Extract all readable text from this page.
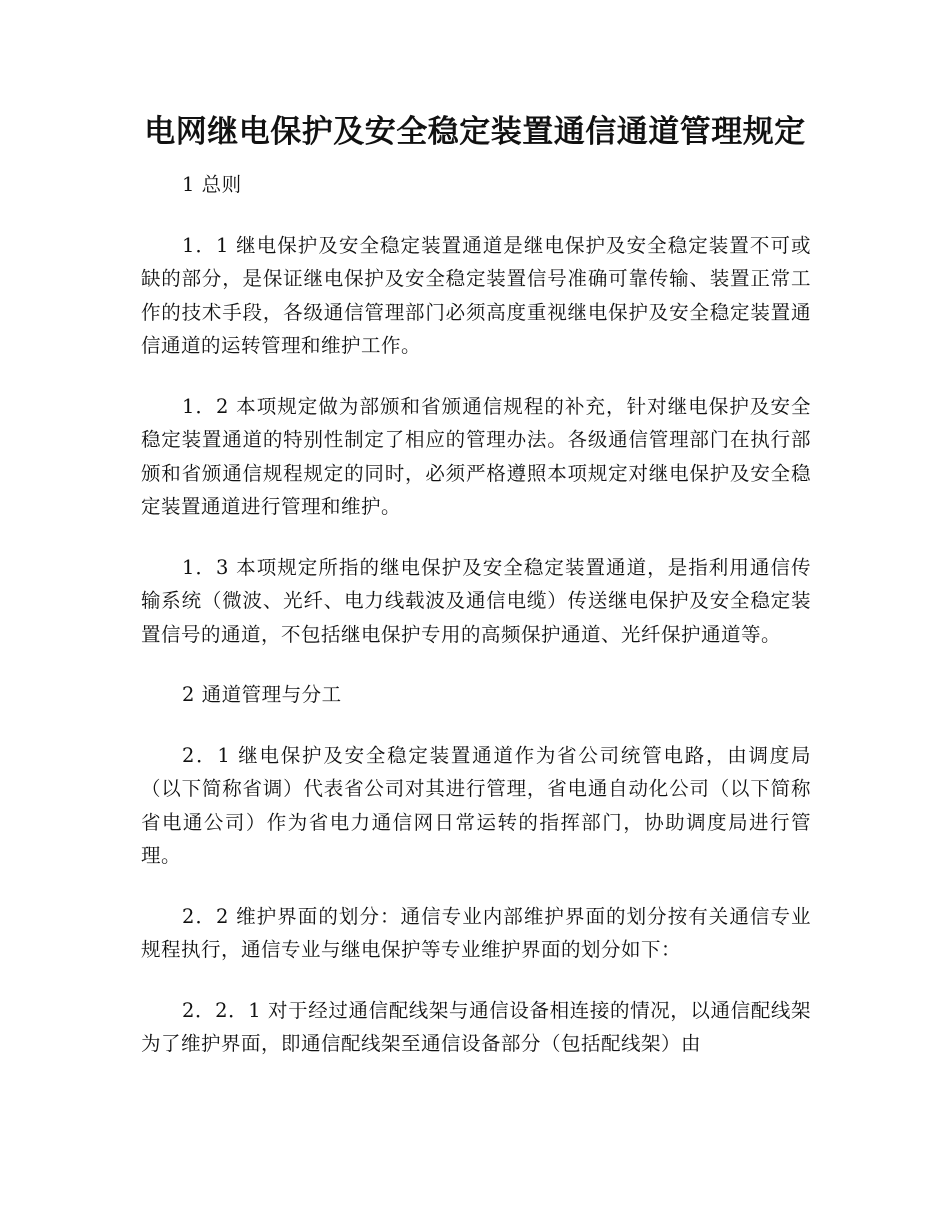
电网继电保护及安全稳定装置通信通道管理规定

1 总则

1．1 继电保护及安全稳定装置通道是继电保护及安全稳定装置不可或缺的部分，是保证继电保护及安全稳定装置信号准确可靠传输、装置正常工作的技术手段，各级通信管理部门必须高度重视继电保护及安全稳定装置通信通道的运转管理和维护工作。

1．2 本项规定做为部颁和省颁通信规程的补充，针对继电保护及安全稳定装置通道的特别性制定了相应的管理办法。各级通信管理部门在执行部颁和省颁通信规程规定的同时，必须严格遵照本项规定对继电保护及安全稳定装置通道进行管理和维护。

1．3 本项规定所指的继电保护及安全稳定装置通道，是指利用通信传输系统（微波、光纤、电力线载波及通信电缆）传送继电保护及安全稳定装置信号的通道，不包括继电保护专用的高频保护通道、光纤保护通道等。

2 通道管理与分工

2．1 继电保护及安全稳定装置通道作为省公司统管电路，由调度局（以下简称省调）代表省公司对其进行管理，省电通自动化公司（以下简称省电通公司）作为省电力通信网日常运转的指挥部门，协助调度局进行管理。

2．2 维护界面的划分：通信专业内部维护界面的划分按有关通信专业规程执行，通信专业与继电保护等专业维护界面的划分如下：

2．2．1 对于经过通信配线架与通信设备相连接的情况，以通信配线架为了维护界面，即通信配线架至通信设备部分（包括配线架）由
